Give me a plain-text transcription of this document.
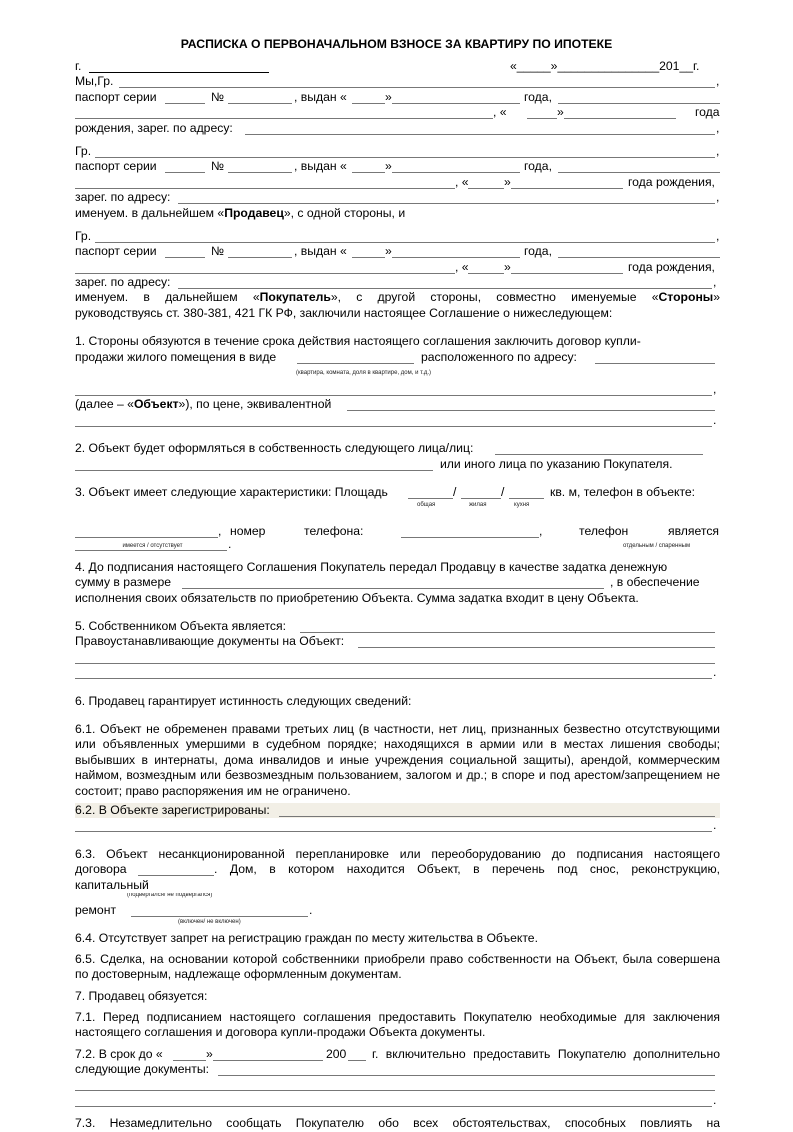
РАСПИСКА О ПЕРВОНАЧАЛЬНОМ ВЗНОСЕ ЗА КВАРТИРУ ПО ИПОТЕКЕ
г.	«_____»_______________201__г.
Мы,Гр.	,
паспорт серии	№	, выдан «	»	года,
, «	»	года
рождения, зарег. по адресу:	,
Гр.	,
паспорт серии	№	, выдан «	»	года,
, «	»	года рождения,
зарег. по адресу:	,
именуем. в дальнейшем «Продавец», с одной стороны, и
Гр.	,
паспорт серии	№	, выдан «	»	года,
, «	»	года рождения,
зарег. по адресу:	,
именуем. в дальнейшем «Покупатель», с другой стороны, совместно именуемые «Стороны»
руководствуясь ст. 380-381, 421 ГК РФ, заключили настоящее Соглашение о нижеследующем:
1. Стороны обязуются в течение срока действия настоящего соглашения заключить договор купли-
продажи жилого помещения в виде	расположенного по адресу:
(квартира, комната, доля в квартире, дом, и т.д.)
,
(далее – «Объект»), по цене, эквивалентной
.
2. Объект будет оформляться в собственность следующего лица/лиц:
или иного лица по указанию Покупателя.
3. Объект имеет следующие характеристики: Площадь	/	/	кв. м, телефон в объекте:
общая	жилая	кухня
, номер	телефона:	,	телефон	является
имеется / отсутствует	отдельным / спаренным
.
4. До подписания настоящего Соглашения Покупатель передал Продавцу в качестве задатка денежную
сумму в размере	, в обеспечение
исполнения своих обязательств по приобретению Объекта. Сумма задатка входит в цену Объекта.
5. Собственником Объекта является:
Правоустанавливающие документы на Объект:
.
6. Продавец гарантирует истинность следующих сведений:
6.1. Объект не обременен правами третьих лиц (в частности, нет лиц, признанных безвестно отсутствующими или объявленных умершими в судебном порядке; находящихся в армии или в местах лишения свободы; выбывших в интернаты, дома инвалидов и иные учреждения социальной защиты), арендой, коммерческим наймом, возмездным или безвозмездным пользованием, залогом и др.; в споре и под арестом/запрещением не состоит; право распоряжения им не ограничено.
6.2. В Объекте зарегистрированы:
.
6.3. Объект несанкционированной перепланировке или переоборудованию до подписания настоящего
договора	. Дом, в котором находится Объект, в перечень под снос, реконструкцию,
капитальный
(подвергался/ не подвергался)
ремонт	.
(включен/ не включен)
6.4. Отсутствует запрет на регистрацию граждан по месту жительства в Объекте.
6.5. Сделка, на основании которой собственники приобрели право собственности на Объект, была совершена по достоверным, надлежаще оформленным документам.
7. Продавец обязуется:
7.1. Перед подписанием настоящего соглашения предоставить Покупателю необходимые для заключения настоящего соглашения и договора купли-продажи Объекта документы.
7.2. В срок до «	»	200 г. включительно предоставить Покупателю дополнительно
следующие документы:
.
7.3. Незамедлительно сообщать Покупателю обо всех обстоятельствах, способных повлиять на
